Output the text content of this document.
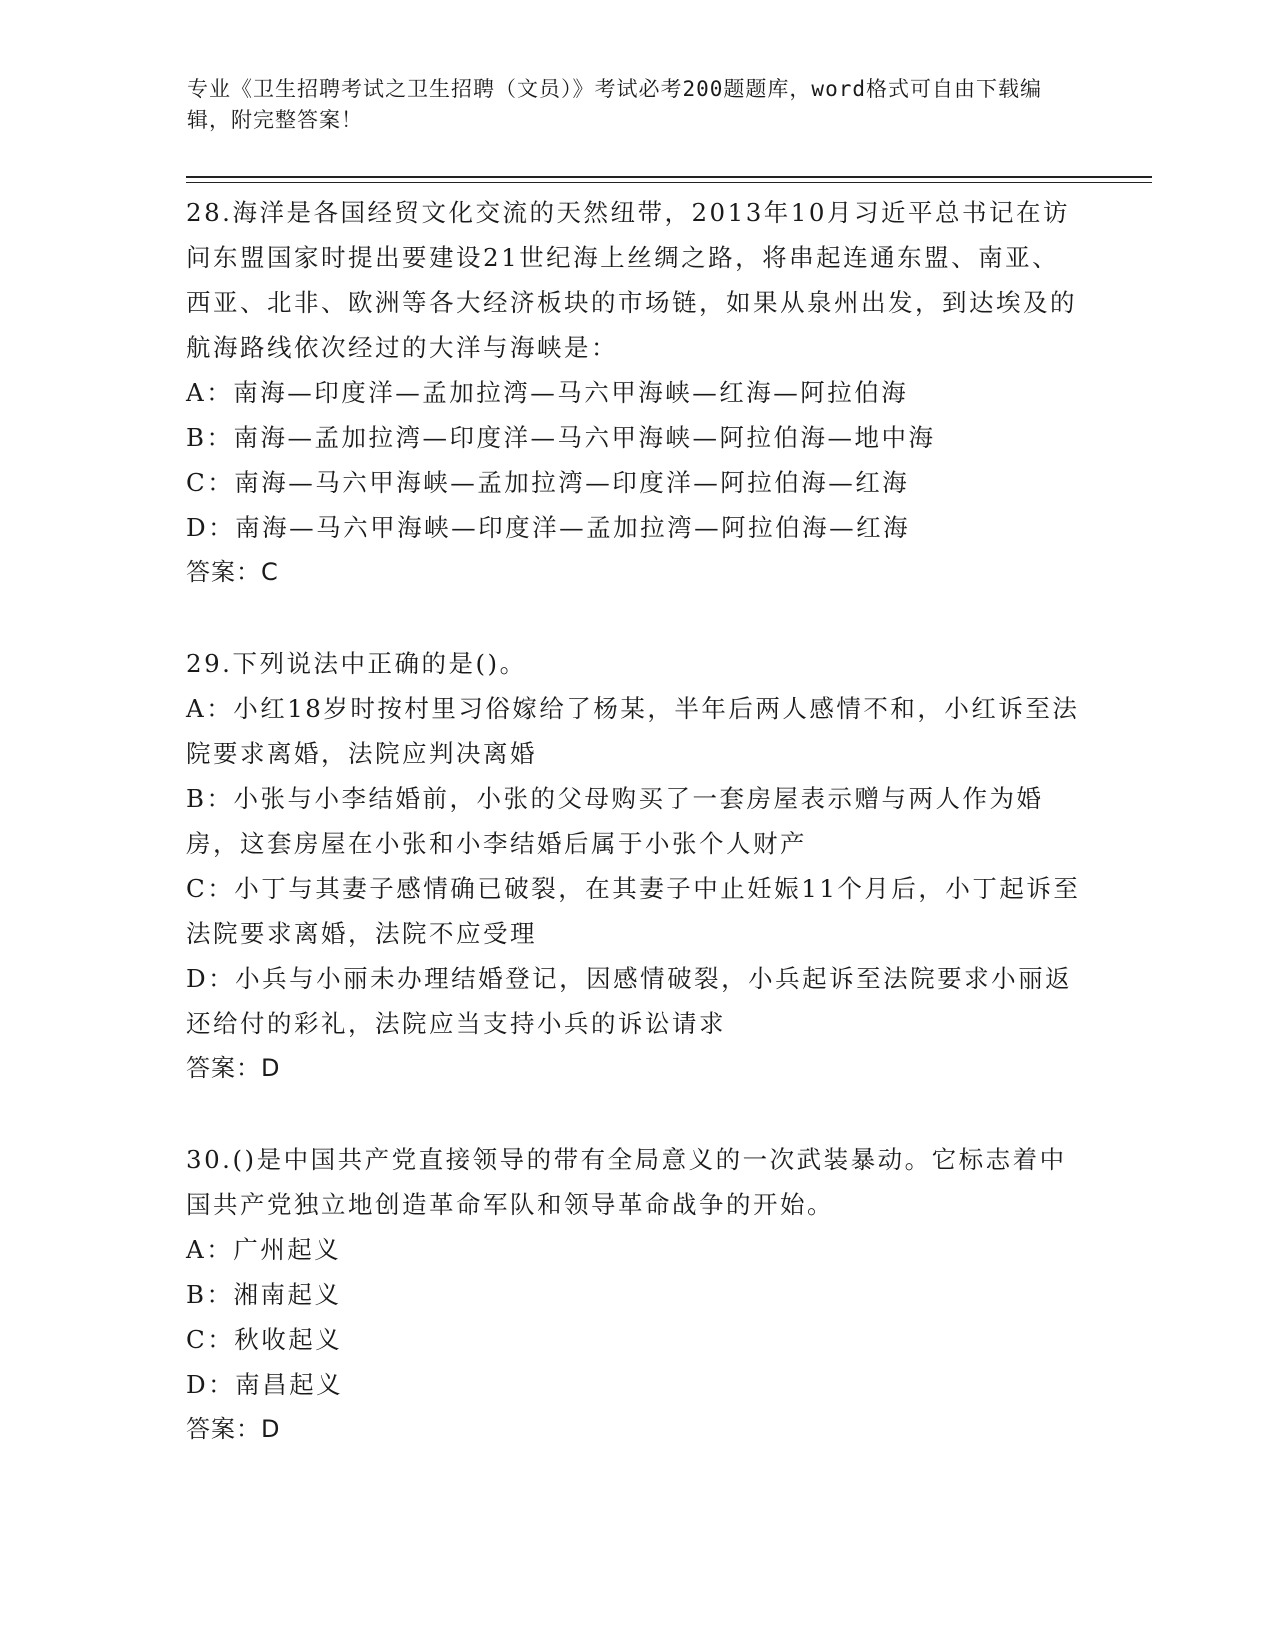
专业《卫生招聘考试之卫生招聘（文员）》考试必考200题题库，word格式可自由下载编辑，附完整答案！

28.海洋是各国经贸文化交流的天然纽带，2013年10月习近平总书记在访问东盟国家时提出要建设21世纪海上丝绸之路，将串起连通东盟、南亚、西亚、北非、欧洲等各大经济板块的市场链，如果从泉州出发，到达埃及的航海路线依次经过的大洋与海峡是：

A：南海—印度洋—孟加拉湾—马六甲海峡—红海—阿拉伯海

B：南海—孟加拉湾—印度洋—马六甲海峡—阿拉伯海—地中海

C：南海—马六甲海峡—孟加拉湾—印度洋—阿拉伯海—红海

D：南海—马六甲海峡—印度洋—孟加拉湾—阿拉伯海—红海

答案：C

29.下列说法中正确的是()。

A：小红18岁时按村里习俗嫁给了杨某，半年后两人感情不和，小红诉至法院要求离婚，法院应判决离婚

B：小张与小李结婚前，小张的父母购买了一套房屋表示赠与两人作为婚房，这套房屋在小张和小李结婚后属于小张个人财产

C：小丁与其妻子感情确已破裂，在其妻子中止妊娠11个月后，小丁起诉至法院要求离婚，法院不应受理

D：小兵与小丽未办理结婚登记，因感情破裂，小兵起诉至法院要求小丽返还给付的彩礼，法院应当支持小兵的诉讼请求

答案：D

30.()是中国共产党直接领导的带有全局意义的一次武装暴动。它标志着中国共产党独立地创造革命军队和领导革命战争的开始。

A：广州起义

B：湘南起义

C：秋收起义

D：南昌起义

答案：D
